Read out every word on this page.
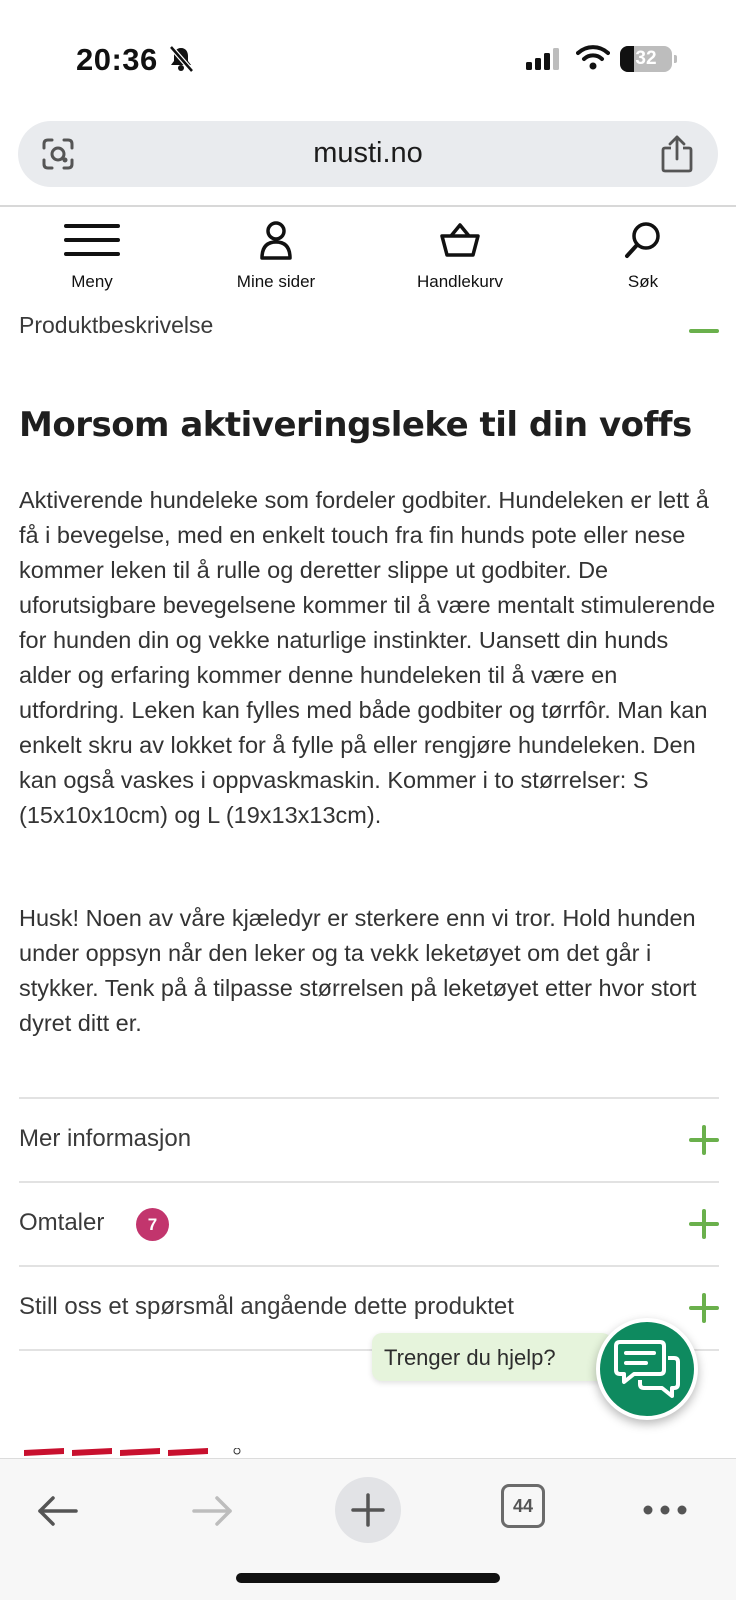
20:36	32
musti.no
Meny	Mine sider	Handlekurv	Søk
Produktbeskrivelse
Morsom aktiveringsleke til din voffs

Aktiverende hundeleke som fordeler godbiter. Hundeleken er lett å få i bevegelse, med en enkelt touch fra fin hunds pote eller nese kommer leken til å rulle og deretter slippe ut godbiter. De uforutsigbare bevegelsene kommer til å være mentalt stimulerende for hunden din og vekke naturlige instinkter. Uansett din hunds alder og erfaring kommer denne hundeleken til å være en utfordring. Leken kan fylles med både godbiter og tørrfôr. Man kan enkelt skru av lokket for å fylle på eller rengjøre hundeleken. Den kan også vaskes i oppvaskmaskin. Kommer i to størrelser: S (15x10x10cm) og L (19x13x13cm).

Husk! Noen av våre kjæledyr er sterkere enn vi tror. Hold hunden under oppsyn når den leker og ta vekk leketøyet om det går i stykker. Tenk på å tilpasse størrelsen på leketøyet etter hvor stort dyret ditt er.

Mer informasjon
Omtaler	7
Still oss et spørsmål angående dette produktet
Trenger du hjelp?
44
